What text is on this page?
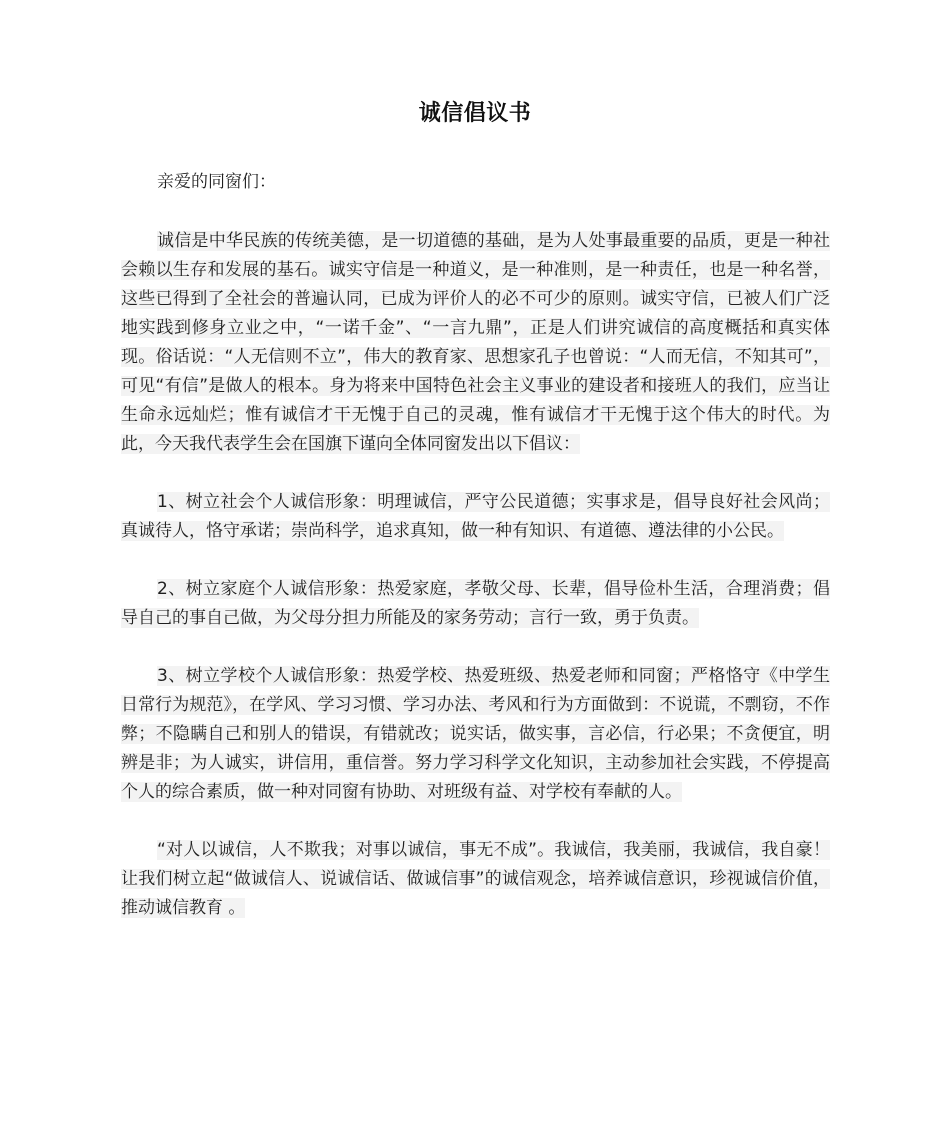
诚信倡议书

亲爱的同窗们：

诚信是中华民族的传统美德，是一切道德的基础，是为人处事最重要的品质，更是一种社会赖以生存和发展的基石。诚实守信是一种道义，是一种准则，是一种责任，也是一种名誉，这些已得到了全社会的普遍认同，已成为评价人的必不可少的原则。诚实守信，已被人们广泛地实践到修身立业之中，“一诺千金”、“一言九鼎”，正是人们讲究诚信的高度概括和真实体现。俗话说：“人无信则不立”，伟大的教育家、思想家孔子也曾说：“人而无信，不知其可”，可见“有信”是做人的根本。身为将来中国特色社会主义事业的建设者和接班人的我们，应当让生命永远灿烂；惟有诚信才干无愧于自己的灵魂，惟有诚信才干无愧于这个伟大的时代。为此，今天我代表学生会在国旗下谨向全体同窗发出以下倡议：

1、树立社会个人诚信形象：明理诚信，严守公民道德；实事求是，倡导良好社会风尚；真诚待人，恪守承诺；崇尚科学，追求真知，做一种有知识、有道德、遵法律的小公民。

2、树立家庭个人诚信形象：热爱家庭，孝敬父母、长辈，倡导俭朴生活，合理消费；倡导自己的事自己做，为父母分担力所能及的家务劳动；言行一致，勇于负责。

3、树立学校个人诚信形象：热爱学校、热爱班级、热爱老师和同窗；严格恪守《中学生日常行为规范》，在学风、学习习惯、学习办法、考风和行为方面做到：不说谎，不剽窃，不作弊；不隐瞒自己和别人的错误，有错就改；说实话，做实事，言必信，行必果；不贪便宜，明辨是非；为人诚实，讲信用，重信誉。努力学习科学文化知识，主动参加社会实践，不停提高个人的综合素质，做一种对同窗有协助、对班级有益、对学校有奉献的人。

“对人以诚信，人不欺我；对事以诚信，事无不成”。我诚信，我美丽，我诚信，我自豪！让我们树立起“做诚信人、说诚信话、做诚信事”的诚信观念，培养诚信意识，珍视诚信价值，推动诚信教育 。
